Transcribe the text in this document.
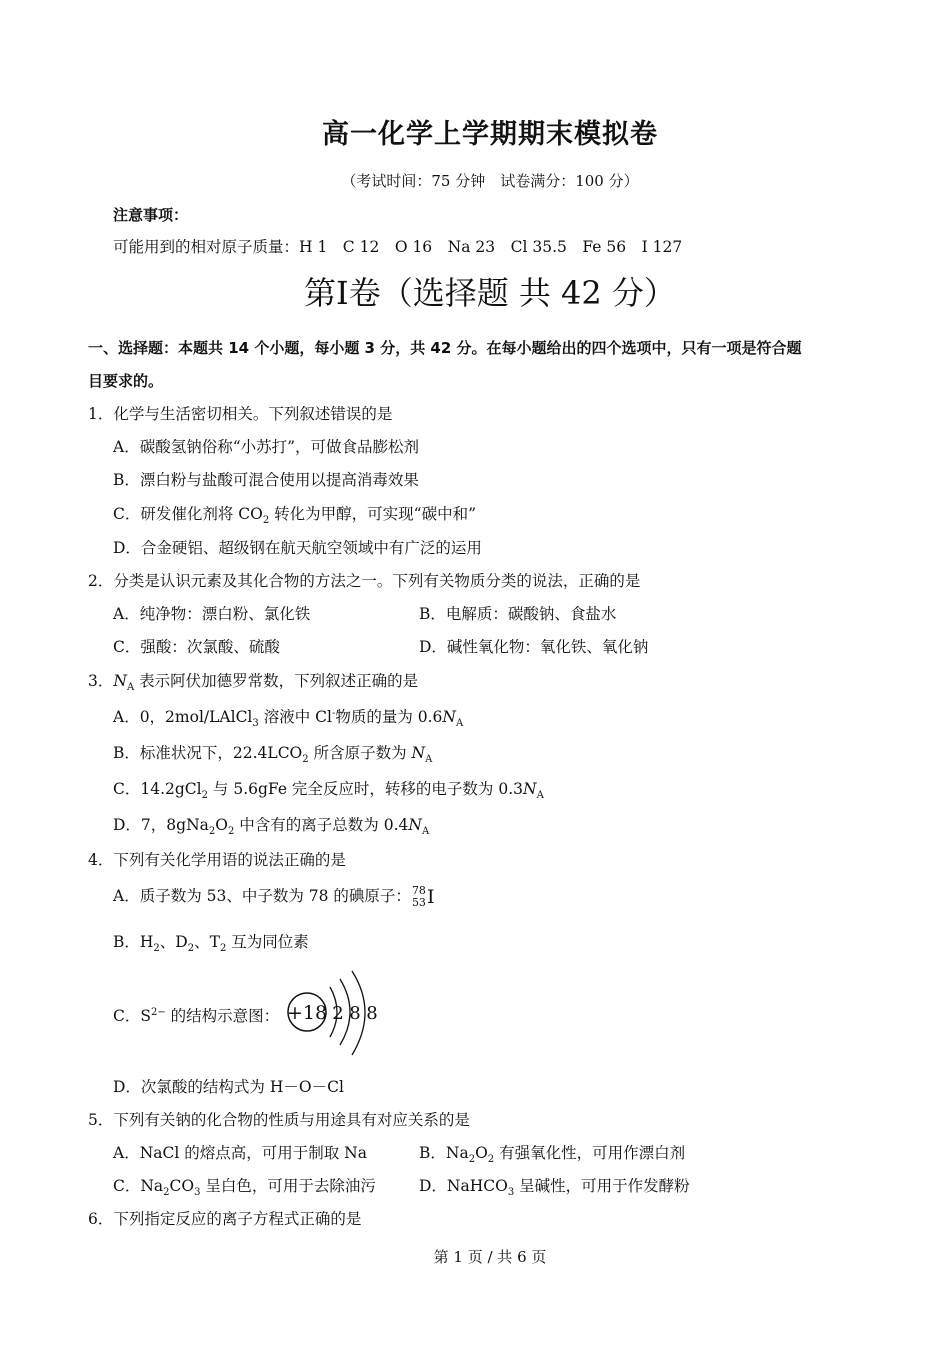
高一化学上学期期末模拟卷
（考试时间：75 分钟　试卷满分：100 分）
注意事项：
可能用到的相对原子质量：H 1　C 12　O 16　Na 23　Cl 35.5　Fe 56　I 127
第Ⅰ卷（选择题 共 42 分）
一、选择题：本题共 14 个小题，每小题 3 分，共 42 分。在每小题给出的四个选项中，只有一项是符合题
目要求的。
1．化学与生活密切相关。下列叙述错误的是
A．碳酸氢钠俗称“小苏打”，可做食品膨松剂
B．漂白粉与盐酸可混合使用以提高消毒效果
C．研发催化剂将 $CO_2$ 转化为甲醇，可实现“碳中和”
D．合金硬铝、超级钢在航天航空领域中有广泛的运用
2．分类是认识元素及其化合物的方法之一。下列有关物质分类的说法，正确的是
A．纯净物：漂白粉、氯化铁	B．电解质：碳酸钠、食盐水
C．强酸：次氯酸、硫酸	D．碱性氧化物：氧化铁、氧化钠
3．$N_A$ 表示阿伏加德罗常数，下列叙述正确的是
A．0，2mol/LAlCl$_3$ 溶液中 Cl-物质的量为 $0.6N_A$
B．标准状况下，$22.4LCO_2$ 所含原子数为 $N_A$
C．14.2gCl$_2$ 与 5.6gFe 完全反应时，转移的电子数为 $0.3N_A$
D．7，$8gNa_2O_2$ 中含有的离子总数为 $0.4N_A$
4．下列有关化学用语的说法正确的是
A．质子数为 53、中子数为 78 的碘原子： 78
53 I
B．$H_2$、$D_2$、$T_2$ 互为同位素
C．$S^{2-}$ 的结构示意图： +18 2 8 8
D．次氯酸的结构式为 H－O－Cl
5．下列有关钠的化合物的性质与用途具有对应关系的是
A．NaCl 的熔点高，可用于制取 Na	B．$Na_2O_2$ 有强氧化性，可用作漂白剂
C．$Na_2CO_3$ 呈白色，可用于去除油污	D．NaHCO$_3$ 呈碱性，可用于作发酵粉
6．下列指定反应的离子方程式正确的是
第 1 页 / 共 6 页
